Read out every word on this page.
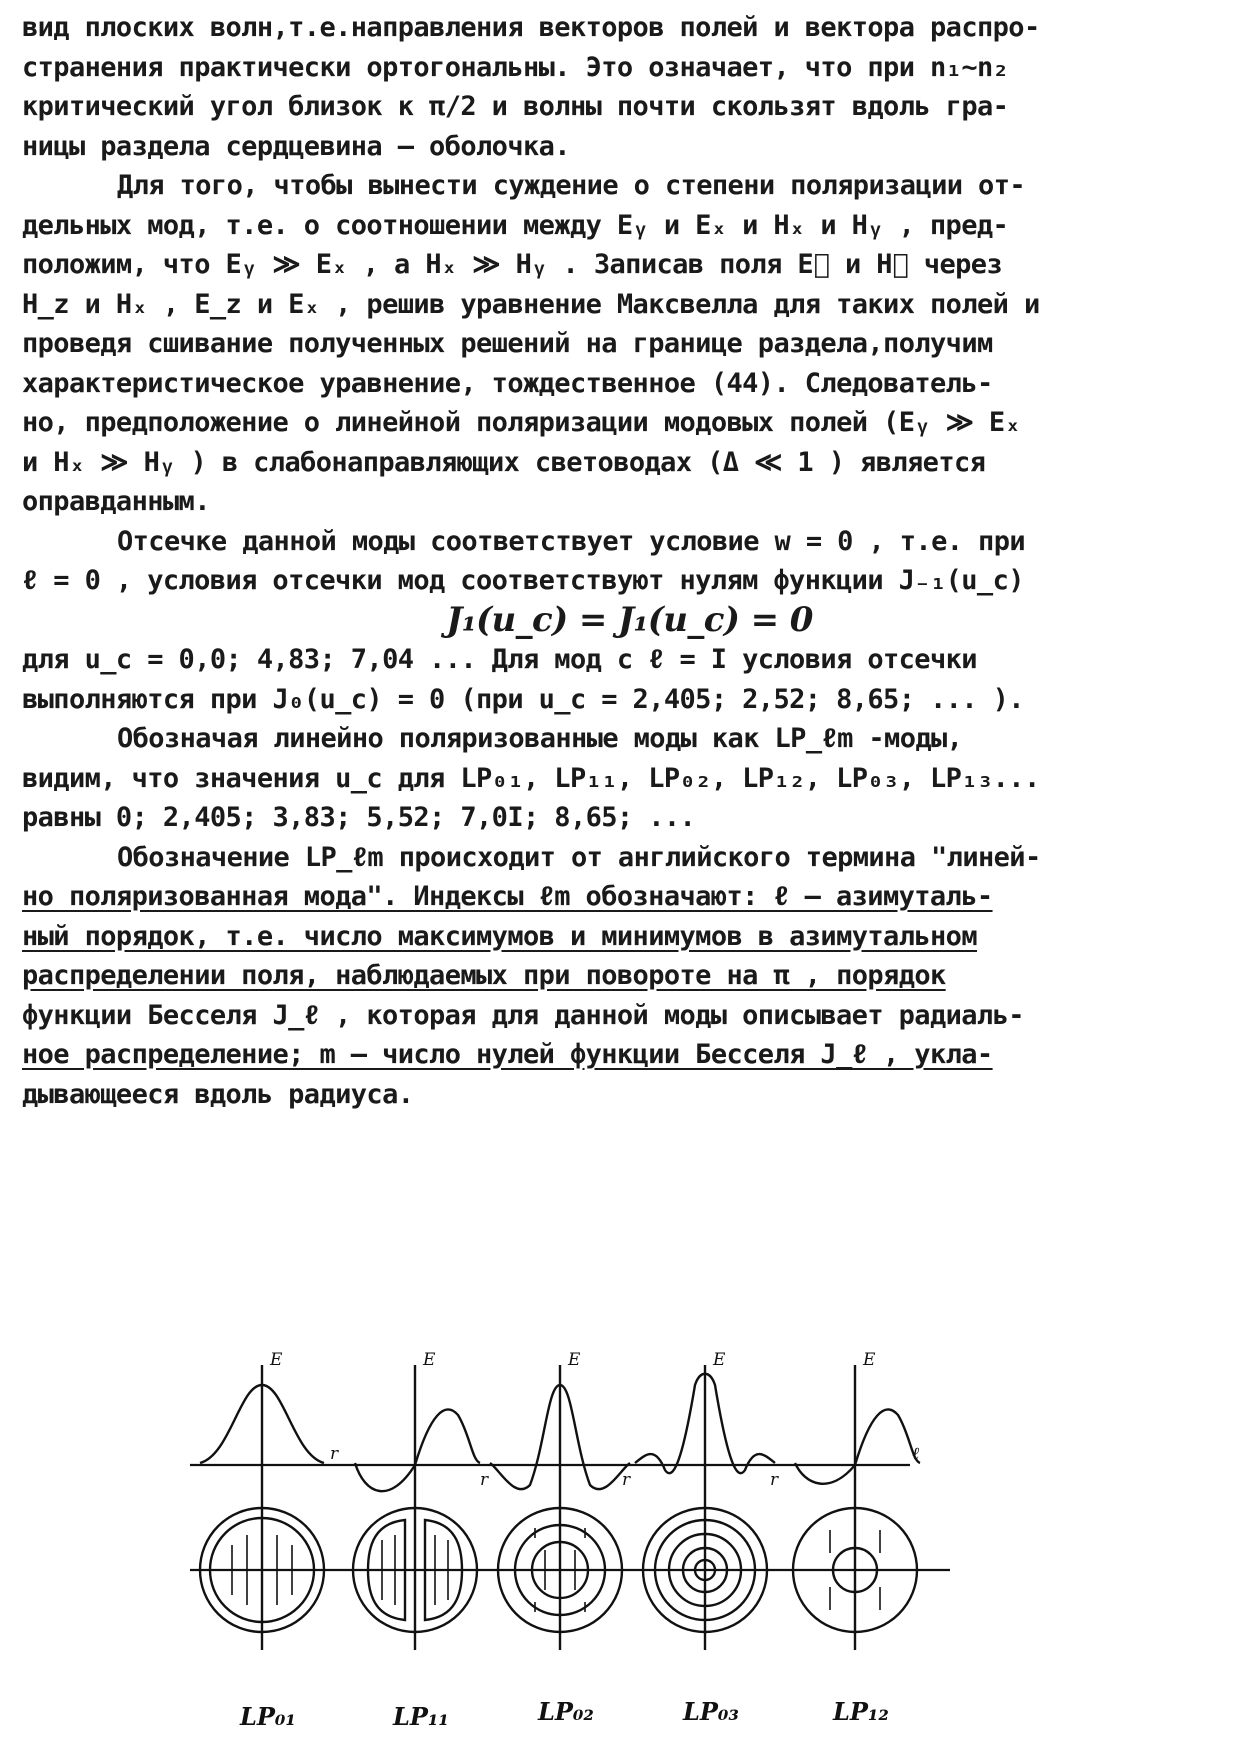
вид плоских волн,т.е.направления векторов полей и вектора распро-
странения практически ортогональны. Это означает, что при n₁~n₂
критический угол близок к π/2 и волны почти скользят вдоль гра-
ницы раздела сердцевина – оболочка.
Для того, чтобы вынести суждение о степени поляризации от-
дельных мод, т.е. о соотношении между Eᵧ и Eₓ и Hₓ и Hᵧ , пред-
положим, что Eᵧ ≫ Eₓ , а Hₓ ≫ Hᵧ . Записав поля E⃗ и H⃗ через
H_z и Hₓ , E_z и Eₓ , решив уравнение Максвелла для таких полей и
проведя сшивание полученных решений на границе раздела,получим
характеристическое уравнение, тождественное (44). Следователь-
но, предположение о линейной поляризации модовых полей (Eᵧ ≫ Eₓ
и Hₓ ≫ Hᵧ ) в слабонаправляющих световодах (Δ ≪ 1 ) является
оправданным.
Отсечке данной моды соответствует условие w = 0 , т.е. при
ℓ = 0 , условия отсечки мод соответствуют нулям функции J₋₁(u_c)
J₁(u_c) = J₁(u_c) = 0
для u_c = 0,0; 4,83; 7,04 ... Для мод с ℓ = I условия отсечки
выполняются при J₀(u_c) = 0 (при u_c = 2,405; 2,52; 8,65; ... ).
Обозначая линейно поляризованные моды как LP_ℓm -моды,
видим, что значения u_c для LP₀₁, LP₁₁, LP₀₂, LP₁₂, LP₀₃, LP₁₃...
равны 0; 2,405; 3,83; 5,52; 7,0I; 8,65; ...
Обозначение LP_ℓm происходит от английского термина "линей-
но поляризованная мода". Индексы ℓm обозначают: ℓ – азимуталь-
ный порядок, т.е. число максимумов и минимумов в азимутальном
распределении поля, наблюдаемых при повороте на π , порядок
функции Бесселя J_ℓ , которая для данной моды описывает радиаль-
ное распределение; m – число нулей функции Бесселя J_ℓ , укла-
дывающееся вдоль радиуса.
E	E	E	E	E
r
r	r	r
ℓ
LP₀₁	LP₁₁	LP₀₂	LP₀₃	LP₁₂
